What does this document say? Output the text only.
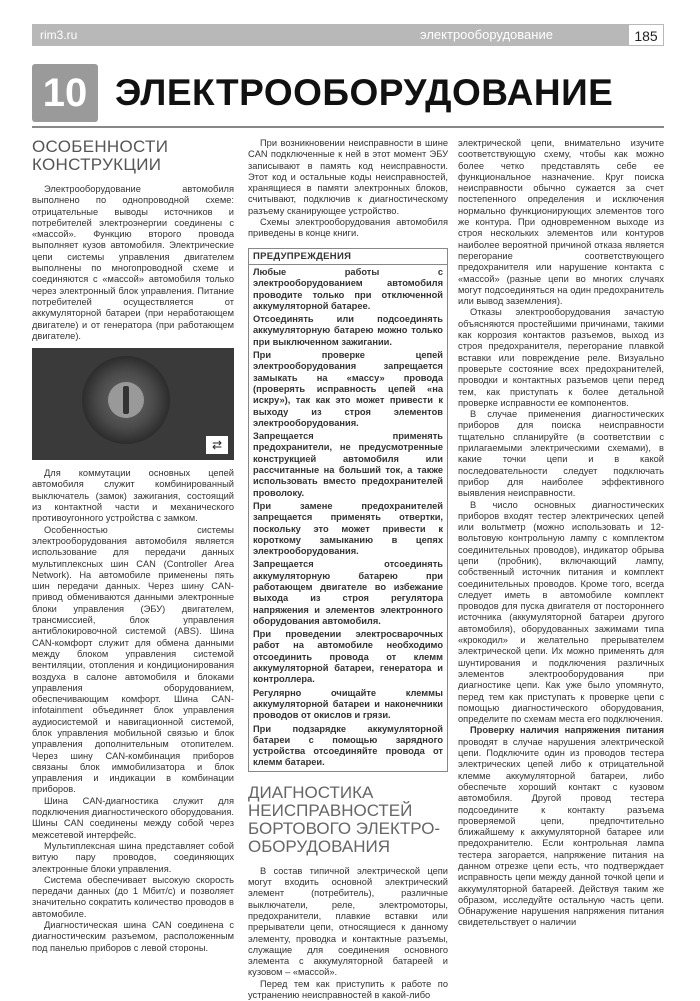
rim3.ru	электрооборудование	185
10 ЭЛЕКТРООБОРУДОВАНИЕ
ОСОБЕННОСТИ
КОНСТРУКЦИИ

Электрооборудование автомобиля выполнено по однопроводной схеме: отрицательные выводы источников и потребителей электроэнергии соединены с «массой». Функцию второго провода выполняет кузов автомобиля. Электрические цепи системы управления двигателем выполнены по многопроводной схеме и соединяются с «массой» автомобиля только через электронный блок управления. Питание потребителей осуществляется от аккумуляторной батареи (при неработающем двигателе) и от генератора (при работающем двигателе).

⇄

Для коммутации основных цепей автомобиля служит комбинированный выключатель (замок) зажигания, состоящий из контактной части и механического противоугонного устройства с замком.

Особенностью системы электрооборудования автомобиля является использование для передачи данных мультиплексных шин CAN (Controller Area Network). На автомобиле применены пять шин передачи данных. Через шину CAN-привод обмениваются данными электронные блоки управления (ЭБУ) двигателем, трансмиссией, блок управления антиблокировочной системой (ABS). Шина CAN-комфорт служит для обмена данными между блоком управления системой вентиляции, отопления и кондиционирования воздуха в салоне автомобиля и блоками управления оборудованием, обеспечивающим комфорт. Шина CAN-infotainment объединяет блок управления аудиосистемой и навигационной системой, блок управления мобильной связью и блок управления дополнительным отопителем. Через шину CAN-комбинация приборов связаны блок иммобилизатора и блок управления и индикации в комбинации приборов.

Шина CAN-диагностика служит для подключения диагностического оборудования. Шины CAN соединены между собой через межсетевой интерфейс.

Мультиплексная шина представляет собой витую пару проводов, соединяющих электронные блоки управления.

Система обеспечивает высокую скорость передачи данных (до 1 Мбит/с) и позволяет значительно сократить количество проводов в автомобиле.

Диагностическая шина CAN соединена с диагностическим разъемом, расположенным под панелью приборов с левой стороны.

При возникновении неисправности в шине CAN подключенные к ней в этот момент ЭБУ записывают в память код неисправности. Этот код и остальные коды неисправностей, хранящиеся в памяти электронных блоков, считывают, подключив к диагностическому разъему сканирующее устройство.

Схемы электрооборудования автомобиля приведены в конце книги.

ПРЕДУПРЕЖДЕНИЯ

Любые работы с электрооборудованием автомобиля проводите только при отключенной аккумуляторной батарее.

Отсоединять или подсоединять аккумуляторную батарею можно только при выключенном зажигании.

При проверке цепей электрооборудования запрещается замыкать на «массу» провода (проверять исправность цепей «на искру»), так как это может привести к выходу из строя элементов электрооборудования.

Запрещается применять предохранители, не предусмотренные конструкцией автомобиля или рассчитанные на больший ток, а также использовать вместо предохранителей проволоку.

При замене предохранителей запрещается применять отвертки, поскольку это может привести к короткому замыканию в цепях электрооборудования.

Запрещается отсоединять аккумуляторную батарею при работающем двигателе во избежание выхода из строя регулятора напряжения и элементов электронного оборудования автомобиля.

При проведении электросварочных работ на автомобиле необходимо отсоединить провода от клемм аккумуляторной батареи, генератора и контроллера.

Регулярно очищайте клеммы аккумуляторной батареи и наконечники проводов от окислов и грязи.

При подзарядке аккумуляторной батареи с помощью зарядного устройства отсоединяйте провода от клемм батареи.

ДИАГНОСТИКА
НЕИСПРАВНОСТЕЙ
БОРТОВОГО ЭЛЕКТРО-
ОБОРУДОВАНИЯ

В состав типичной электрической цепи могут входить основной электрический элемент (потребитель), различные выключатели, реле, электромоторы, предохранители, плавкие вставки или прерыватели цепи, относящиеся к данному элементу, проводка и контактные разъемы, служащие для соединения основного элемента с аккумуляторной батареей и кузовом – «массой».

Перед тем как приступить к работе по устранению неисправностей в какой-либо

электрической цепи, внимательно изучите соответствующую схему, чтобы как можно более четко представлять себе ее функциональное назначение. Круг поиска неисправности обычно сужается за счет постепенного определения и исключения нормально функционирующих элементов того же контура. При одновременном выходе из строя нескольких элементов или контуров наиболее вероятной причиной отказа является перегорание соответствующего предохранителя или нарушение контакта с «массой» (разные цепи во многих случаях могут подсоединяться на один предохранитель или вывод заземления).

Отказы электрооборудования зачастую объясняются простейшими причинами, такими как коррозия контактов разъемов, выход из строя предохранителя, перегорание плавкой вставки или повреждение реле. Визуально проверьте состояние всех предохранителей, проводки и контактных разъемов цепи перед тем, как приступать к более детальной проверке исправности ее компонентов.

В случае применения диагностических приборов для поиска неисправности тщательно спланируйте (в соответствии с прилагаемыми электрическими схемами), в какие точки цепи и в какой последовательности следует подключать прибор для наиболее эффективного выявления неисправности.

В число основных диагностических приборов входят тестер электрических цепей или вольтметр (можно использовать и 12-вольтовую контрольную лампу с комплектом соединительных проводов), индикатор обрыва цепи (пробник), включающий лампу, собственный источник питания и комплект соединительных проводов. Кроме того, всегда следует иметь в автомобиле комплект проводов для пуска двигателя от постороннего источника (аккумуляторной батареи другого автомобиля), оборудованных зажимами типа «крокодил» и желательно прерывателем электрической цепи. Их можно применять для шунтирования и подключения различных элементов электрооборудования при диагностике цепи. Как уже было упомянуто, перед тем как приступать к проверке цепи с помощью диагностического оборудования, определите по схемам места его подключения.

Проверку наличия напряжения питания проводят в случае нарушения электрической цепи. Подключите один из проводов тестера электрических цепей либо к отрицательной клемме аккумуляторной батареи, либо обеспечьте хороший контакт с кузовом автомобиля. Другой провод тестера подсоедините к контакту разъема проверяемой цепи, предпочтительно ближайшему к аккумуляторной батарее или предохранителю. Если контрольная лампа тестера загорается, напряжение питания на данном отрезке цепи есть, что подтверждает исправность цепи между данной точкой цепи и аккумуляторной батареей. Действуя таким же образом, исследуйте остальную часть цепи. Обнаружение нарушения напряжения питания свидетельствует о наличии
